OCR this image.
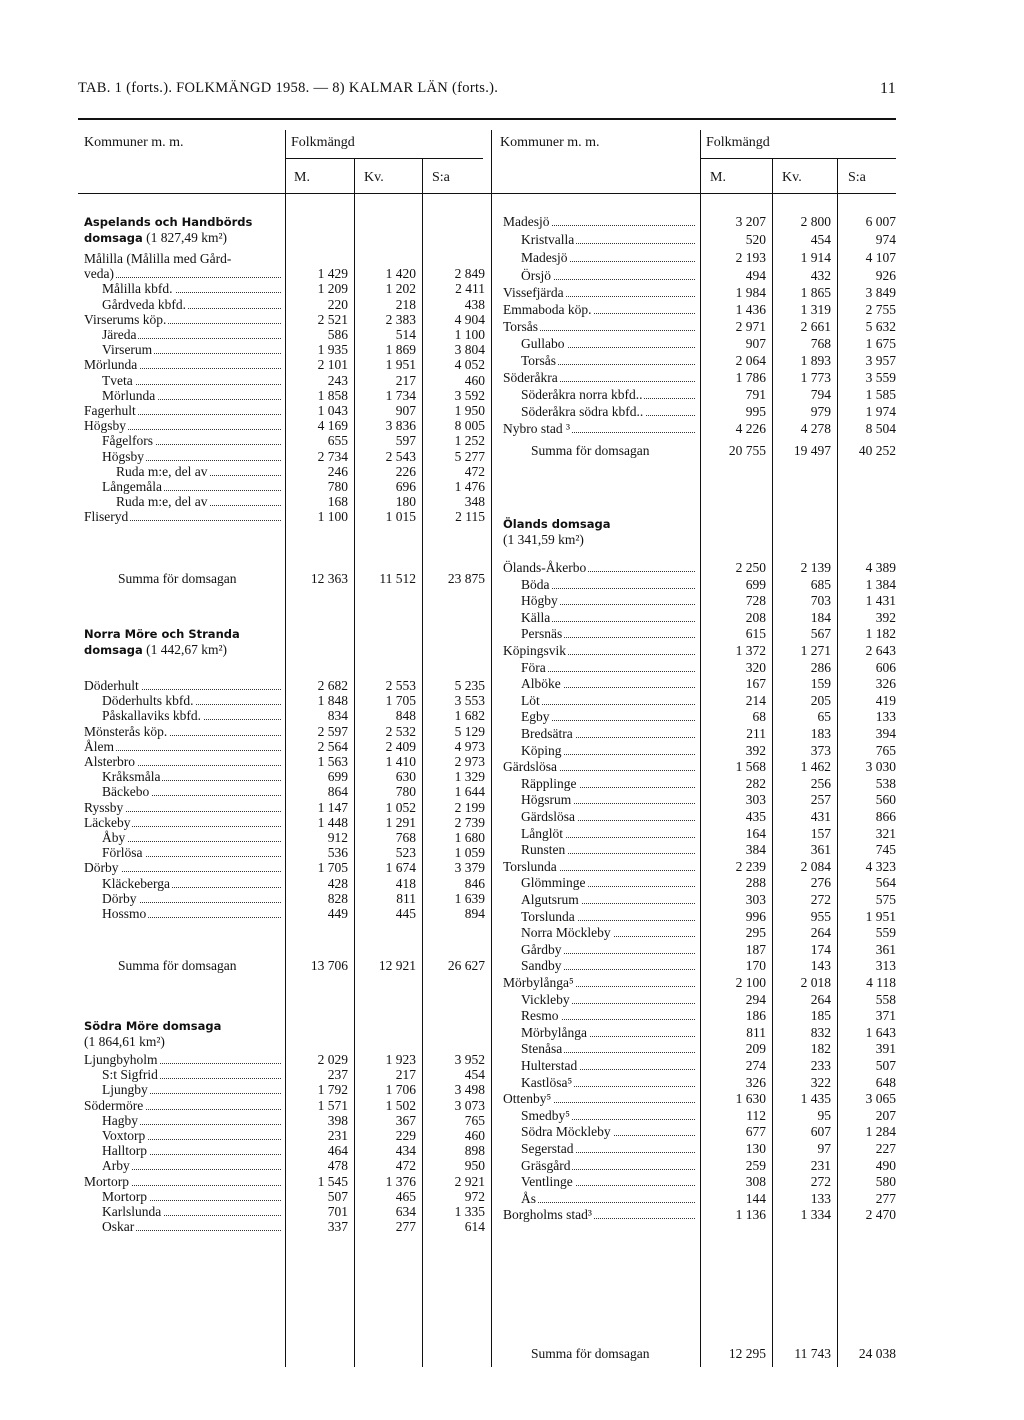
TAB. 1 (forts.). FOLKMÄNGD 1958. — 8) KALMAR LÄN (forts.).	11
Kommuner m. m.	Folkmängd
M.	Kv.	S:a
Kommuner m. m.	Folkmängd
M.	Kv.	S:a
Aspelands och Handbörds
domsaga (1 827,49 km²)
Målilla (Målilla med Gård-
veda)	1 429	1 420	2 849
Målilla kbfd.	1 209	1 202	2 411
Gårdveda kbfd.	220	218	438
Virserums köp.	2 521	2 383	4 904
Järeda	586	514	1 100
Virserum	1 935	1 869	3 804
Mörlunda	2 101	1 951	4 052
Tveta	243	217	460
Mörlunda	1 858	1 734	3 592
Fagerhult	1 043	907	1 950
Högsby	4 169	3 836	8 005
Fågelfors	655	597	1 252
Högsby	2 734	2 543	5 277
Ruda m:e, del av	246	226	472
Långemåla	780	696	1 476
Ruda m:e, del av	168	180	348
Fliseryd	1 100	1 015	2 115
Summa för domsagan	12 363	11 512	23 875
Norra Möre och Stranda
domsaga (1 442,67 km²)
Döderhult	2 682	2 553	5 235
Döderhults kbfd.	1 848	1 705	3 553
Påskallaviks kbfd.	834	848	1 682
Mönsterås köp.	2 597	2 532	5 129
Ålem	2 564	2 409	4 973
Alsterbro	1 563	1 410	2 973
Kråksmåla	699	630	1 329
Bäckebo	864	780	1 644
Ryssby	1 147	1 052	2 199
Läckeby	1 448	1 291	2 739
Åby	912	768	1 680
Förlösa	536	523	1 059
Dörby	1 705	1 674	3 379
Kläckeberga	428	418	846
Dörby	828	811	1 639
Hossmo	449	445	894
Summa för domsagan	13 706	12 921	26 627
Södra Möre domsaga
(1 864,61 km²)
Ljungbyholm	2 029	1 923	3 952
S:t Sigfrid	237	217	454
Ljungby	1 792	1 706	3 498
Södermöre	1 571	1 502	3 073
Hagby	398	367	765
Voxtorp	231	229	460
Halltorp	464	434	898
Arby	478	472	950
Mortorp	1 545	1 376	2 921
Mortorp	507	465	972
Karlslunda	701	634	1 335
Oskar	337	277	614
Madesjö	3 207	2 800	6 007
Kristvalla	520	454	974
Madesjö	2 193	1 914	4 107
Örsjö	494	432	926
Vissefjärda	1 984	1 865	3 849
Emmaboda köp.	1 436	1 319	2 755
Torsås	2 971	2 661	5 632
Gullabo	907	768	1 675
Torsås	2 064	1 893	3 957
Söderåkra	1 786	1 773	3 559
Söderåkra norra kbfd..	791	794	1 585
Söderåkra södra kbfd..	995	979	1 974
Nybro stad ³	4 226	4 278	8 504
Summa för domsagan	20 755	19 497	40 252
Ölands domsaga
(1 341,59 km²)
Ölands-Åkerbo	2 250	2 139	4 389
Böda	699	685	1 384
Högby	728	703	1 431
Källa	208	184	392
Persnäs	615	567	1 182
Köpingsvik	1 372	1 271	2 643
Föra	320	286	606
Alböke	167	159	326
Löt	214	205	419
Egby	68	65	133
Bredsätra	211	183	394
Köping	392	373	765
Gärdslösa	1 568	1 462	3 030
Räpplinge	282	256	538
Högsrum	303	257	560
Gärdslösa	435	431	866
Långlöt	164	157	321
Runsten	384	361	745
Torslunda	2 239	2 084	4 323
Glömminge	288	276	564
Algutsrum	303	272	575
Torslunda	996	955	1 951
Norra Möckleby	295	264	559
Gårdby	187	174	361
Sandby	170	143	313
Mörbylånga⁵	2 100	2 018	4 118
Vickleby	294	264	558
Resmo	186	185	371
Mörbylånga	811	832	1 643
Stenåsa	209	182	391
Hulterstad	274	233	507
Kastlösa⁵	326	322	648
Ottenby⁵	1 630	1 435	3 065
Smedby⁵	112	95	207
Södra Möckleby	677	607	1 284
Segerstad	130	97	227
Gräsgård	259	231	490
Ventlinge	308	272	580
Ås	144	133	277
Borgholms stad³	1 136	1 334	2 470
Summa för domsagan	12 295	11 743	24 038
